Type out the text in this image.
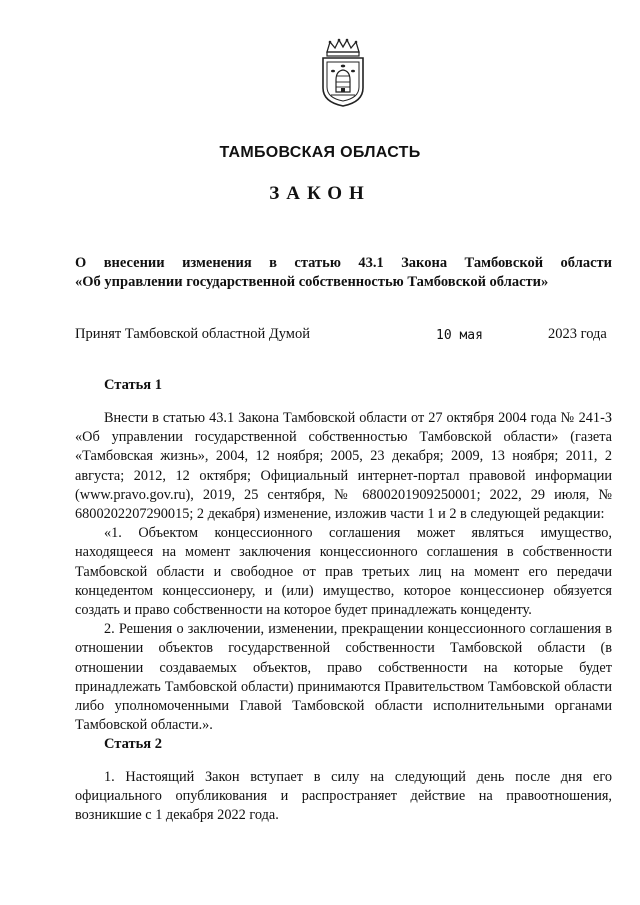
ТАМБОВСКАЯ ОБЛАСТЬ
ЗАКОН
О внесении изменения в статью 43.1 Закона Тамбовской области
«Об управлении государственной собственностью Тамбовской области»
Принят Тамбовской областной Думой	10 мая	2023 года
Статья 1

Внести в статью 43.1 Закона Тамбовской области от 27 октября 2004 года № 241-З «Об управлении государственной собственностью Тамбовской области» (газета «Тамбовская жизнь», 2004, 12 ноября; 2005, 23 декабря; 2009, 13 ноября; 2011, 2 августа; 2012, 12 октября; Официальный интернет-портал правовой информации (www.pravo.gov.ru), 2019, 25 сентября, № 6800201909250001; 2022, 29 июля, № 6800202207290015; 2 декабря) изменение, изложив части 1 и 2 в следующей редакции:

«1. Объектом концессионного соглашения может являться имущество, находящееся на момент заключения концессионного соглашения в собственности Тамбовской области и свободное от прав третьих лиц на момент его передачи концедентом концессионеру, и (или) имущество, которое концессионер обязуется создать и право собственности на которое будет принадлежать концеденту.

2. Решения о заключении, изменении, прекращении концессионного соглашения в отношении объектов государственной собственности Тамбовской области (в отношении создаваемых объектов, право собственности на которые будет принадлежать Тамбовской области) принимаются Правительством Тамбовской области либо уполномоченными Главой Тамбовской области исполнительными органами Тамбовской области.».

Статья 2

1. Настоящий Закон вступает в силу на следующий день после дня его официального опубликования и распространяет действие на правоотношения, возникшие с 1 декабря 2022 года.
